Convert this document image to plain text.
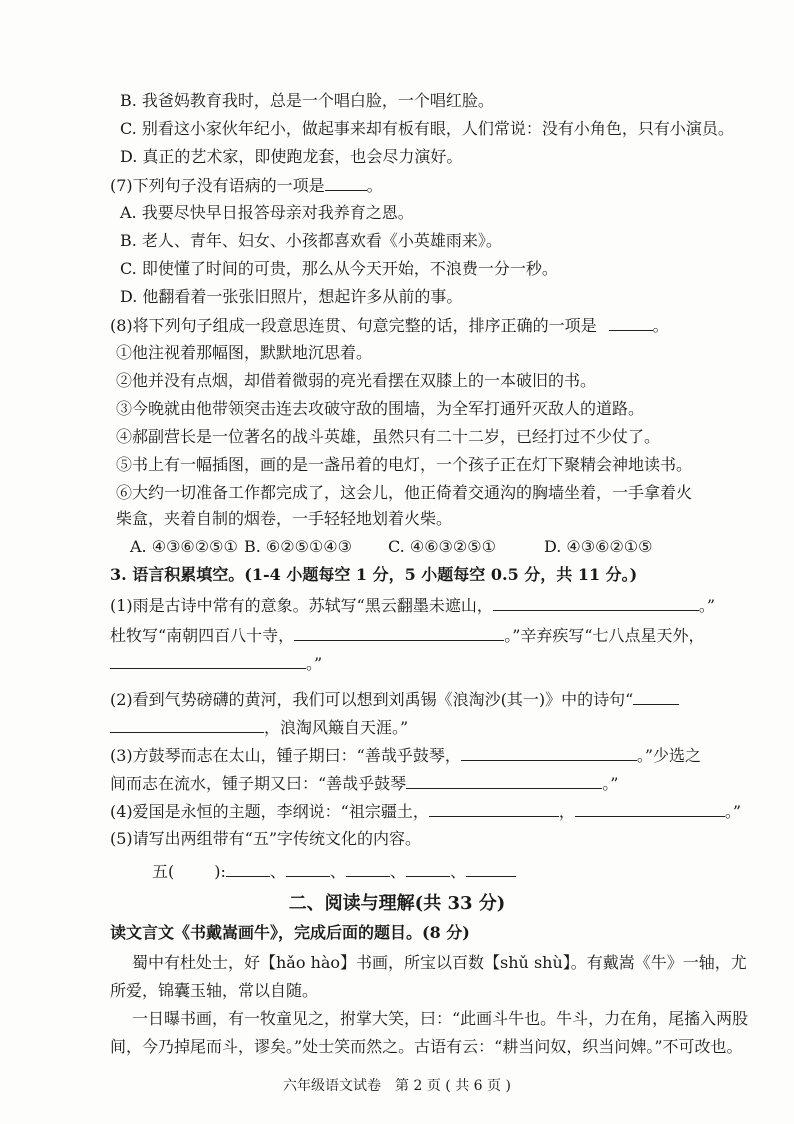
B. 我爸妈教育我时，总是一个唱白脸，一个唱红脸。
C. 别看这小家伙年纪小，做起事来却有板有眼，人们常说：没有小角色，只有小演员。
D. 真正的艺术家，即使跑龙套，也会尽力演好。
(7)下列句子没有语病的一项是	。
A. 我要尽快早日报答母亲对我养育之恩。
B. 老人、青年、妇女、小孩都喜欢看《小英雄雨来》。
C. 即使懂了时间的可贵，那么从今天开始，不浪费一分一秒。
D. 他翻看着一张张旧照片，想起许多从前的事。
(8)将下列句子组成一段意思连贯、句意完整的话，排序正确的一项是	。
①他注视着那幅图，默默地沉思着。
②他并没有点烟，却借着微弱的亮光看摆在双膝上的一本破旧的书。
③今晚就由他带领突击连去攻破守敌的围墙，为全军打通歼灭敌人的道路。
④郝副营长是一位著名的战斗英雄，虽然只有二十二岁，已经打过不少仗了。
⑤书上有一幅插图，画的是一盏吊着的电灯，一个孩子正在灯下聚精会神地读书。
⑥大约一切准备工作都完成了，这会儿，他正倚着交通沟的胸墙坐着，一手拿着火
柴盒，夹着自制的烟卷，一手轻轻地划着火柴。
A. ④③⑥②⑤① B. ⑥②⑤①④③ C. ④⑥③②⑤①	D. ④③⑥②①⑤
3. 语言积累填空。(1-4 小题每空 1 分，5 小题每空 0.5 分，共 11 分。)
(1)雨是古诗中常有的意象。苏轼写“黑云翻墨未遮山，	。”
杜牧写“南朝四百八十寺，	。”辛弃疾写“七八点星天外，
。”
(2)看到气势磅礴的黄河，我们可以想到刘禹锡《浪淘沙(其一)》中的诗句“
，浪淘风簸自天涯。”
(3)方鼓琴而志在太山，锺子期曰：“善哉乎鼓琴，	。”少选之
间而志在流水，锺子期又曰：“善哉乎鼓琴	。”
(4)爱国是永恒的主题，李纲说：“祖宗疆土，	，	。”
(5)请写出两组带有“五”字传统文化的内容。
五(	):	、	、	、	、
二、阅读与理解(共 33 分)
读文言文《书戴嵩画牛》，完成后面的题目。(8 分)
蜀中有杜处士，好【hǎo hào】书画，所宝以百数【shǔ shù】。有戴嵩《牛》一轴，尤
所爱，锦囊玉轴，常以自随。
一日曝书画，有一牧童见之，拊掌大笑，曰：“此画斗牛也。牛斗，力在角，尾搐入两股
间，今乃掉尾而斗，谬矣。”处士笑而然之。古语有云：“耕当问奴，织当问婢。”不可改也。
六年级语文试卷　第 2 页 ( 共 6 页 )
